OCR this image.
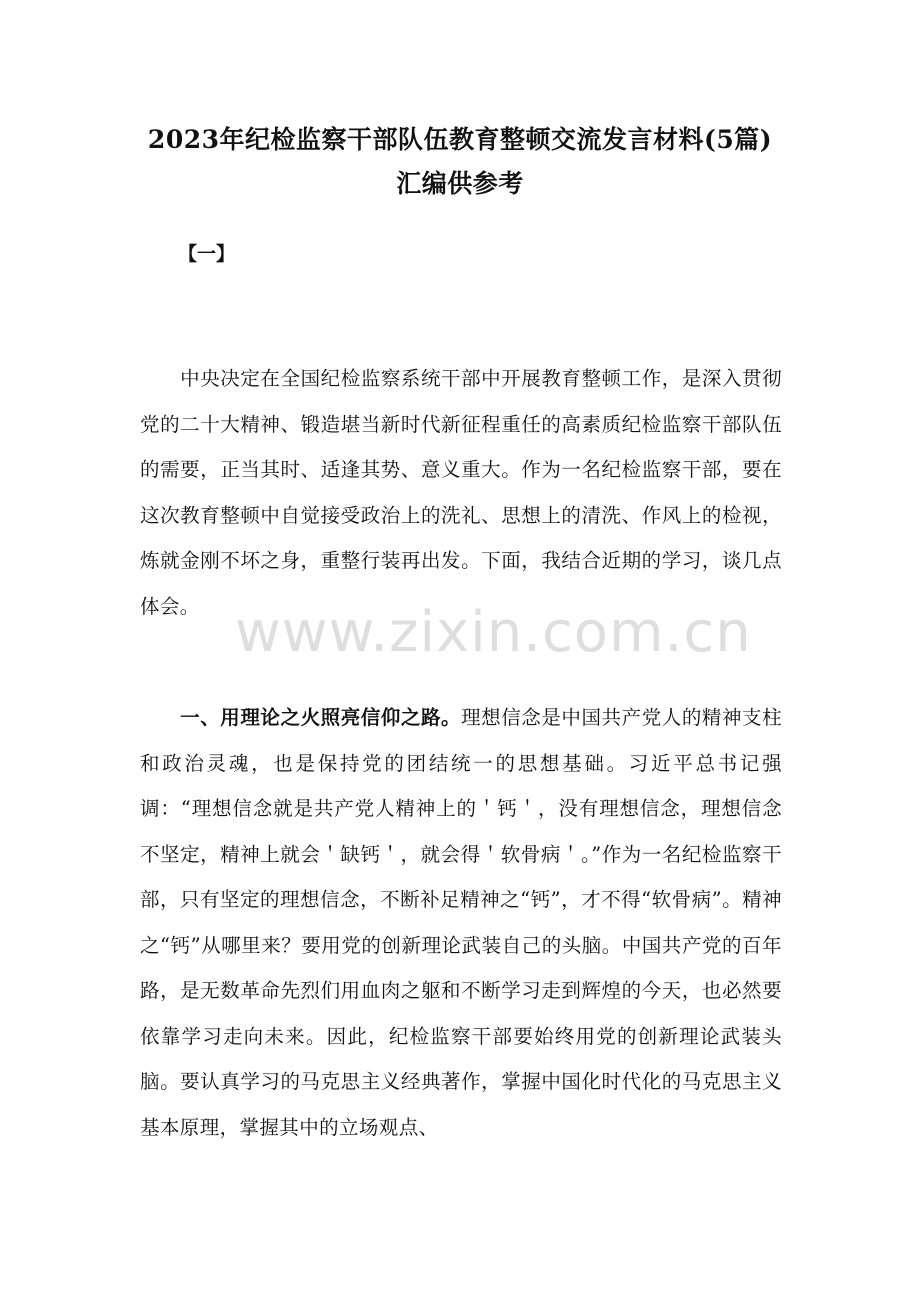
2023年纪检监察干部队伍教育整顿交流发言材料(5篇)汇编供参考
【一】
中央决定在全国纪检监察系统干部中开展教育整顿工作，是深入贯彻党的二十大精神、锻造堪当新时代新征程重任的高素质纪检监察干部队伍的需要，正当其时、适逢其势、意义重大。作为一名纪检监察干部，要在这次教育整顿中自觉接受政治上的洗礼、思想上的清洗、作风上的检视，炼就金刚不坏之身，重整行装再出发。下面，我结合近期的学习，谈几点体会。
一、用理论之火照亮信仰之路。理想信念是中国共产党人的精神支柱和政治灵魂，也是保持党的团结统一的思想基础。习近平总书记强调：“理想信念就是共产党人精神上的＇钙＇，没有理想信念，理想信念不坚定，精神上就会＇缺钙＇，就会得＇软骨病＇。”作为一名纪检监察干部，只有坚定的理想信念，不断补足精神之“钙”，才不得“软骨病”。精神之“钙”从哪里来？要用党的创新理论武装自己的头脑。中国共产党的百年路，是无数革命先烈们用血肉之躯和不断学习走到辉煌的今天，也必然要依靠学习走向未来。因此，纪检监察干部要始终用党的创新理论武装头脑。要认真学习的马克思主义经典著作，掌握中国化时代化的马克思主义基本原理，掌握其中的立场观点、
www.zixin.com.cn
